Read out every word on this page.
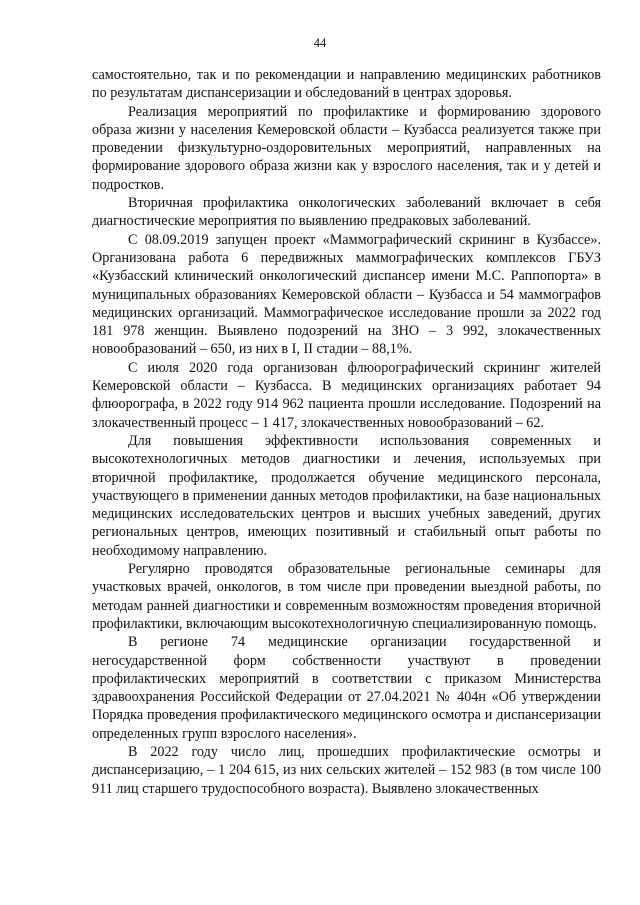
44

самостоятельно, так и по рекомендации и направлению медицинских работников по результатам диспансеризации и обследований в центрах здоровья.

Реализация мероприятий по профилактике и формированию здорового образа жизни у населения Кемеровской области – Кузбасса реализуется также при проведении физкультурно-оздоровительных мероприятий, направленных на формирование здорового образа жизни как у взрослого населения, так и у детей и подростков.

Вторичная профилактика онкологических заболеваний включает в себя диагностические мероприятия по выявлению предраковых заболеваний.

С 08.09.2019 запущен проект «Маммографический скрининг в Кузбассе». Организована работа 6 передвижных маммографических комплексов ГБУЗ «Кузбасский клинический онкологический диспансер имени М.С. Раппопорта» в муниципальных образованиях Кемеровской области – Кузбасса и 54 маммографов медицинских организаций. Маммографическое исследование прошли за 2022 год 181 978 женщин. Выявлено подозрений на ЗНО – 3 992, злокачественных новообразований – 650, из них в I, II стадии – 88,1%.

С июля 2020 года организован флюорографический скрининг жителей Кемеровской области – Кузбасса. В медицинских организациях работает 94 флюорографа, в 2022 году 914 962 пациента прошли исследование. Подозрений на злокачественный процесс – 1 417, злокачественных новообразований – 62.

Для повышения эффективности использования современных и высокотехнологичных методов диагностики и лечения, используемых при вторичной профилактике, продолжается обучение медицинского персонала, участвующего в применении данных методов профилактики, на базе национальных медицинских исследовательских центров и высших учебных заведений, других региональных центров, имеющих позитивный и стабильный опыт работы по необходимому направлению.

Регулярно проводятся образовательные региональные семинары для участковых врачей, онкологов, в том числе при проведении выездной работы, по методам ранней диагностики и современным возможностям проведения вторичной профилактики, включающим высокотехнологичную специализированную помощь.

В регионе 74 медицинские организации государственной и негосударственной форм собственности участвуют в проведении профилактических мероприятий в соответствии с приказом Министерства здравоохранения Российской Федерации от 27.04.2021 № 404н «Об утверждении Порядка проведения профилактического медицинского осмотра и диспансеризации определенных групп взрослого населения».

В 2022 году число лиц, прошедших профилактические осмотры и диспансеризацию, – 1 204 615, из них сельских жителей – 152 983 (в том числе 100 911 лиц старшего трудоспособного возраста). Выявлено злокачественных
